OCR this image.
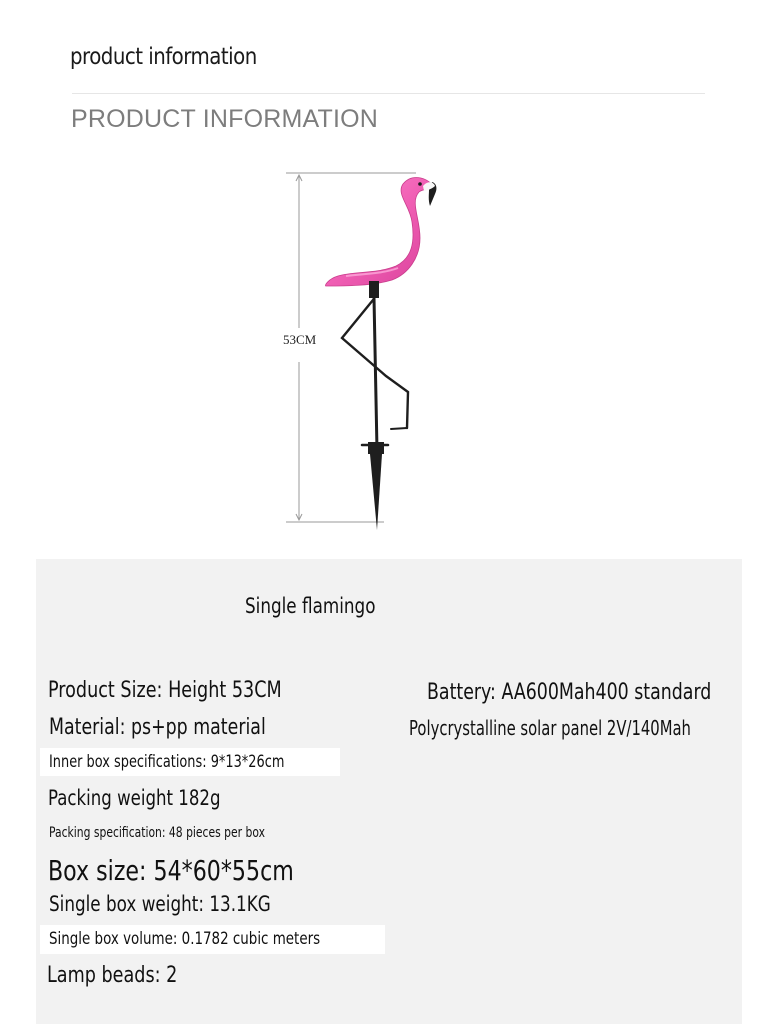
product information
PRODUCT INFORMATION
53CM
Single flamingo
Product Size: Height 53CM	Battery: AA600Mah400 standard
Material: ps+pp material	Polycrystalline solar panel 2V/140Mah
Inner box specifications: 9*13*26cm
Packing weight 182g
Packing specification: 48 pieces per box
Box size: 54*60*55cm
Single box weight: 13.1KG
Single box volume: 0.1782 cubic meters
Lamp beads: 2
